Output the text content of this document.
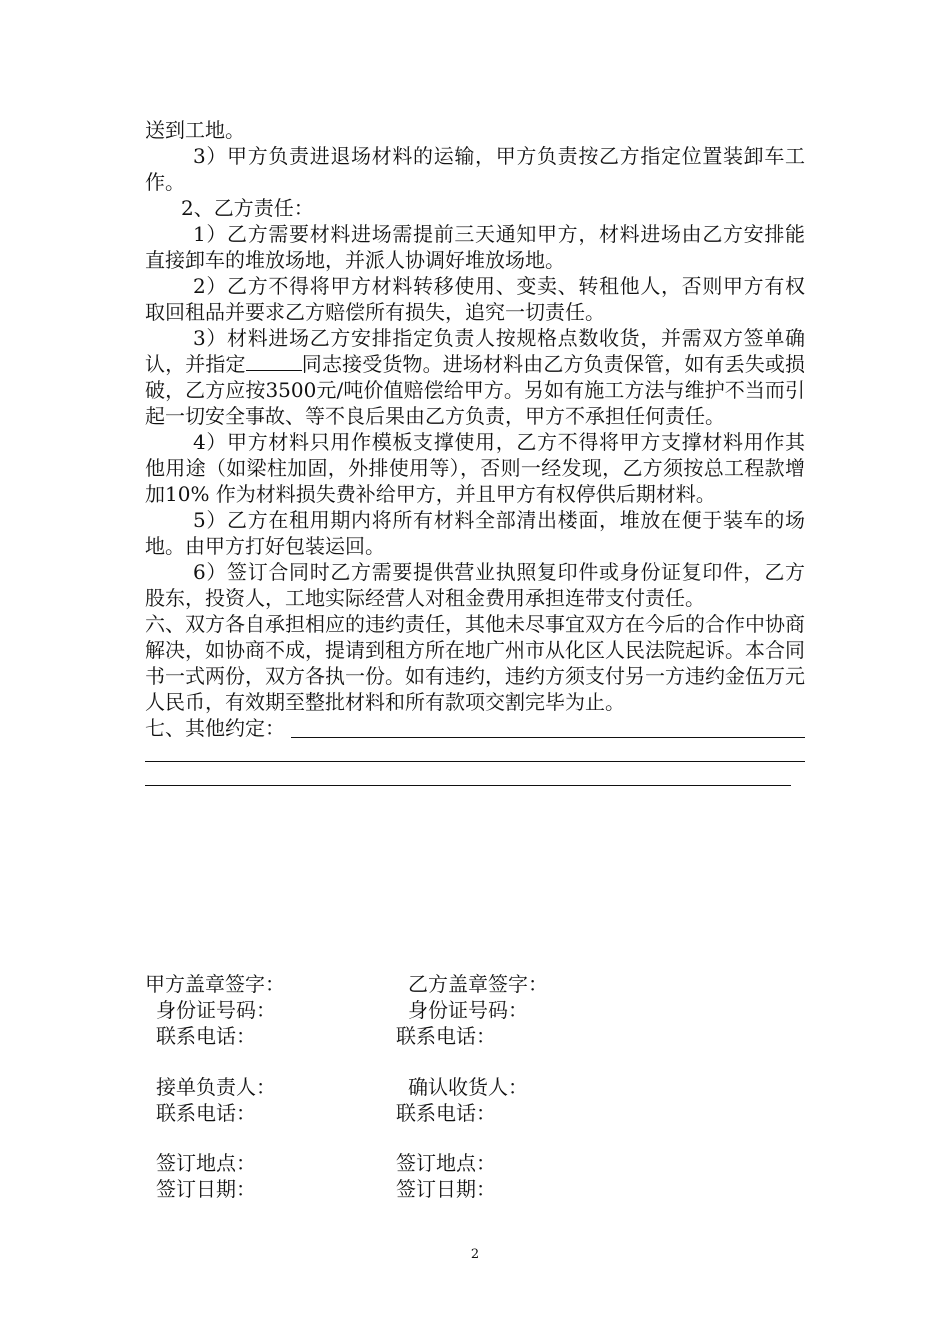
送到工地。

3）甲方负责进退场材料的运输，甲方负责按乙方指定位置装卸车工作。

2、乙方责任：

1）乙方需要材料进场需提前三天通知甲方，材料进场由乙方安排能直接卸车的堆放场地，并派人协调好堆放场地。

2）乙方不得将甲方材料转移使用、变卖、转租他人，否则甲方有权取回租品并要求乙方赔偿所有损失，追究一切责任。

3）材料进场乙方安排指定负责人按规格点数收货，并需双方签单确认，并指定	同志接受货物。进场材料由乙方负责保管，如有丢失或损破，乙方应按3500元/吨价值赔偿给甲方。另如有施工方法与维护不当而引起一切安全事故、等不良后果由乙方负责，甲方不承担任何责任。

4）甲方材料只用作模板支撑使用，乙方不得将甲方支撑材料用作其他用途（如梁柱加固，外排使用等），否则一经发现，乙方须按总工程款增加10% 作为材料损失费补给甲方，并且甲方有权停供后期材料。

5）乙方在租用期内将所有材料全部清出楼面，堆放在便于装车的场地。由甲方打好包装运回。

6）签订合同时乙方需要提供营业执照复印件或身份证复印件，乙方股东，投资人，工地实际经营人对租金费用承担连带支付责任。

六、双方各自承担相应的违约责任，其他未尽事宜双方在今后的合作中协商解决，如协商不成，提请到租方所在地广州市从化区人民法院起诉。本合同书一式两份，双方各执一份。如有违约，违约方须支付另一方违约金伍万元人民币，有效期至整批材料和所有款项交割完毕为止。

七、其他约定：
甲方盖章签字：
身份证号码：
联系电话：
接单负责人：
联系电话：
签订地点：
签订日期：
乙方盖章签字：
身份证号码：
联系电话：
确认收货人：
联系电话：
签订地点：
签订日期：
2
